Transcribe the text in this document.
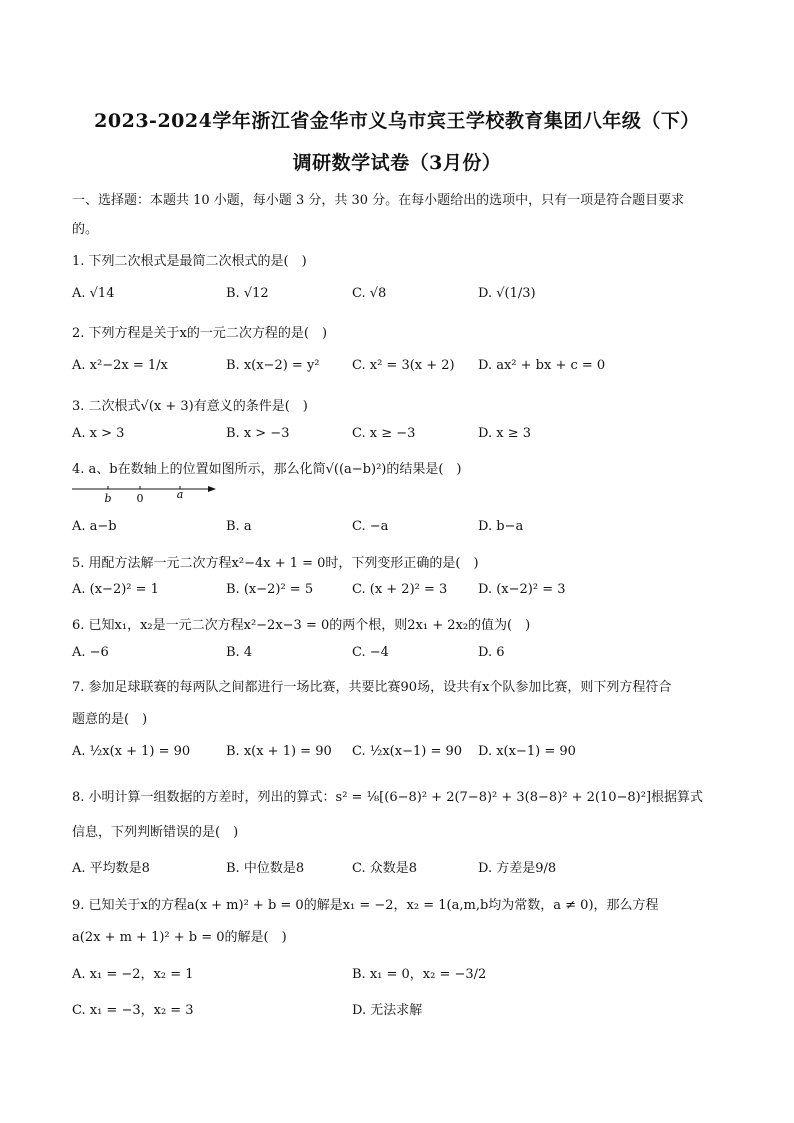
2023-2024学年浙江省金华市义乌市宾王学校教育集团八年级（下）
调研数学试卷（3月份）
一、选择题：本题共 10 小题，每小题 3 分，共 30 分。在每小题给出的选项中，只有一项是符合题目要求
的。
1. 下列二次根式是最简二次根式的是(　)
A. √14	B. √12	C. √8	D. √(1/3)
2. 下列方程是关于x的一元二次方程的是(　)
A. x²−2x = 1/x	B. x(x−2) = y² C. x² = 3(x + 2) D. ax² + bx + c = 0
3. 二次根式√(x + 3)有意义的条件是(　)
A. x > 3	B. x > −3	C. x ≥ −3	D. x ≥ 3
4. a、b在数轴上的位置如图所示，那么化简√((a−b)²)的结果是(　)
b 0	a
A. a−b	B. a	C. −a	D. b−a
5. 用配方法解一元二次方程x²−4x + 1 = 0时，下列变形正确的是(　)
A. (x−2)² = 1	B. (x−2)² = 5	C. (x + 2)² = 3 D. (x−2)² = 3
6. 已知x₁，x₂是一元二次方程x²−2x−3 = 0的两个根，则2x₁ + 2x₂的值为(　)
A. −6	B. 4	C. −4	D. 6
7. 参加足球联赛的每两队之间都进行一场比赛，共要比赛90场，设共有x个队参加比赛，则下列方程符合
题意的是(　)
A. ½x(x + 1) = 90	B. x(x + 1) = 90 C. ½x(x−1) = 90 D. x(x−1) = 90
8. 小明计算一组数据的方差时，列出的算式：s² = ⅛[(6−8)² + 2(7−8)² + 3(8−8)² + 2(10−8)²]根据算式
信息，下列判断错误的是(　)
A. 平均数是8	B. 中位数是8	C. 众数是8	D. 方差是9/8
9. 已知关于x的方程a(x + m)² + b = 0的解是x₁ = −2，x₂ = 1(a,m,b均为常数，a ≠ 0)，那么方程
a(2x + m + 1)² + b = 0的解是(　)
A. x₁ = −2，x₂ = 1	B. x₁ = 0，x₂ = −3/2
C. x₁ = −3，x₂ = 3	D. 无法求解
